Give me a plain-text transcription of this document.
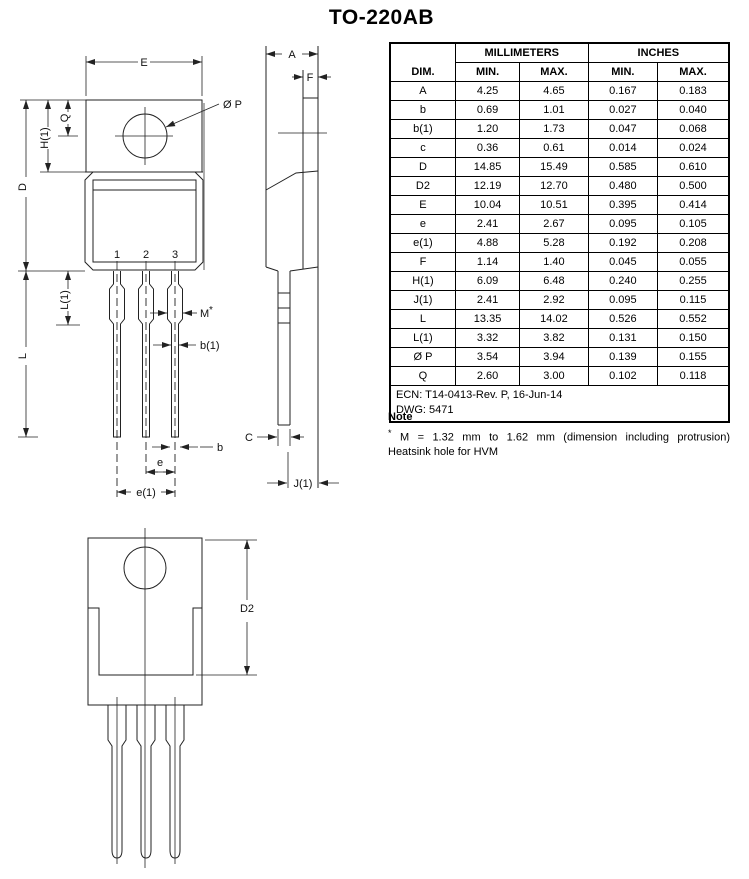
TO-220AB
1 2 3
E
Ø P
Q
H(1)
D
L(1)
L
M *
b(1)
b
e
e(1)
A
F
C
J(1)
D2
DIM.	MILLIMETERS		INCHES	
	MIN.	MAX.	MIN.	MAX.
A	4.25	4.65	0.167	0.183
b	0.69	1.01	0.027	0.040
b(1)	1.20	1.73	0.047	0.068
c	0.36	0.61	0.014	0.024
D	14.85	15.49	0.585	0.610
D2	12.19	12.70	0.480	0.500
E	10.04	10.51	0.395	0.414
e	2.41	2.67	0.095	0.105
e(1)	4.88	5.28	0.192	0.208
F	1.14	1.40	0.045	0.055
H(1)	6.09	6.48	0.240	0.255
J(1)	2.41	2.92	0.095	0.115
L	13.35	14.02	0.526	0.552
L(1)	3.32	3.82	0.131	0.150
Ø P	3.54	3.94	0.139	0.155
Q	2.60	3.00	0.102	0.118

ECN: T14-0413-Rev. P, 16-Jun-14
DWG: 5471				
Note
* M = 1.32 mm to 1.62 mm (dimension including protrusion)
Heatsink hole for HVM
